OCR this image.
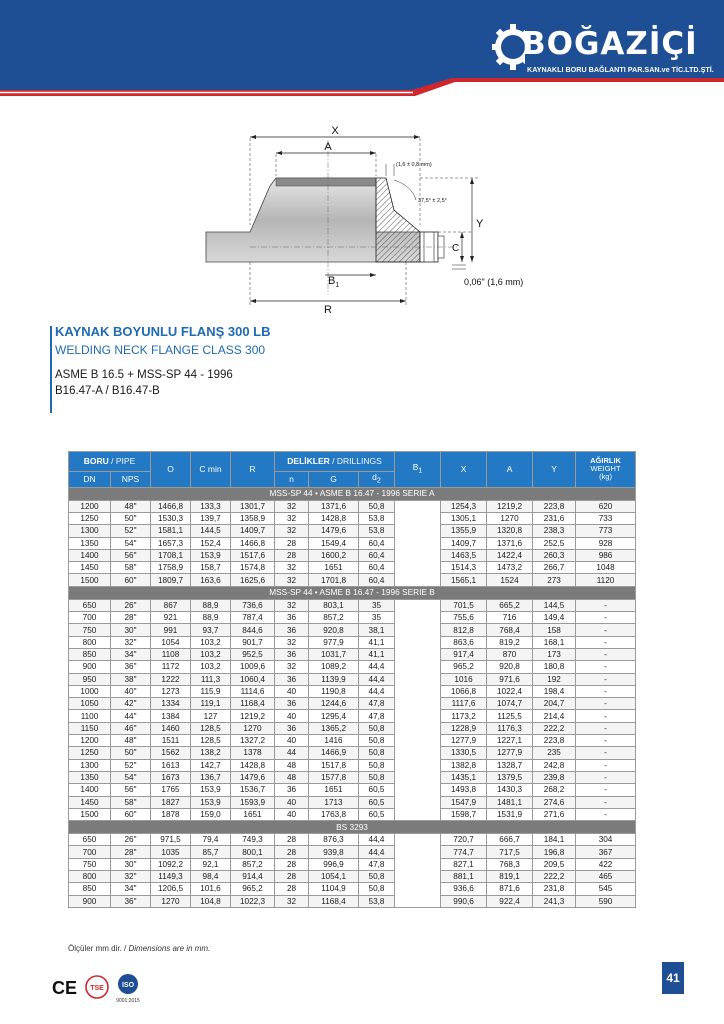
BOĞAZİÇİ
KAYNAKLI BORU BAĞLANTI PAR.SAN.ve TİC.LTD.ŞTİ.
X
A
(1,6 ± 0,8 mm)
37,5° ± 2,5°
Y
C
$B_1$
R
0,06" (1,6 mm)
KAYNAK BOYUNLU FLANŞ 300 LB
WELDING NECK FLANGE CLASS 300
ASME B 16.5 + MSS-SP 44 - 1996
B16.47-A / B16.47-B
BORU / PIPE		O	C min	R	DELİKLER / DRILLINGS			$B_1$	X	A	Y	AĞIRLIK
WEIGHT
(kg)
DN	NPS				n	G	$d_2$
MSS-SP 44 • ASME B 16.47 - 1996 SERIE A												
1200	48"	1466,8	133,3	1301,7	32	1371,6	50,8		1254,3	1219,2	223,8	620
1250	50"	1530,3	139,7	1358,9	32	1428,8	53,8		1305,1	1270	231,6	733
1300	52"	1581,1	144,5	1409,7	32	1479,6	53,8		1355,9	1320,8	238,3	773
1350	54"	1657,3	152,4	1466,8	28	1549,4	60,4		1409,7	1371,6	252,5	928
1400	56"	1708,1	153,9	1517,6	28	1600,2	60,4		1463,5	1422,4	260,3	986
1450	58"	1758,9	158,7	1574,8	32	1651	60,4		1514,3	1473,2	266,7	1048
1500	60"	1809,7	163,6	1625,6	32	1701,8	60,4		1565,1	1524	273	1120
MSS-SP 44 • ASME B 16.47 - 1996 SERIE B												
650	26"	867	88,9	736,6	32	803,1	35		701,5	665,2	144,5	-
700	28"	921	88,9	787,4	36	857,2	35		755,6	716	149,4	-
750	30"	991	93,7	844,6	36	920,8	38,1		812,8	768,4	158	-
800	32"	1054	103,2	901,7	32	977,9	41,1		863,6	819,2	168,1	-
850	34"	1108	103,2	952,5	36	1031,7	41,1		917,4	870	173	-
900	36"	1172	103,2	1009,6	32	1089,2	44,4		965,2	920,8	180,8	-
950	38"	1222	111,3	1060,4	36	1139,9	44,4		1016	971,6	192	-
1000	40"	1273	115,9	1114,6	40	1190,8	44,4		1066,8	1022,4	198,4	-
1050	42"	1334	119,1	1168,4	36	1244,6	47,8		1117,6	1074,7	204,7	-
1100	44"	1384	127	1219,2	40	1295,4	47,8		1173,2	1125,5	214,4	-
1150	46"	1460	128,5	1270	36	1365,2	50,8		1228,9	1176,3	222,2	-
1200	48"	1511	128,5	1327,2	40	1416	50,8		1277,9	1227,1	223,8	-
1250	50"	1562	138,2	1378	44	1466,9	50,8		1330,5	1277,9	235	-
1300	52"	1613	142,7	1428,8	48	1517,8	50,8		1382,8	1328,7	242,8	-
1350	54"	1673	136,7	1479,6	48	1577,8	50,8		1435,1	1379,5	239,8	-
1400	56"	1765	153,9	1536,7	36	1651	60,5		1493,8	1430,3	268,2	-
1450	58"	1827	153,9	1593,9	40	1713	60,5		1547,9	1481,1	274,6	-
1500	60"	1878	159,0	1651	40	1763,8	60,5		1598,7	1531,9	271,6	-
BS 3293												
650	26"	971,5	79,4	749,3	28	876,3	44,4		720,7	666,7	184,1	304
700	28"	1035	85,7	800,1	28	939,8	44,4		774,7	717,5	196,8	367
750	30"	1092,2	92,1	857,2	28	996,9	47,8		827,1	768,3	209,5	422
800	32"	1149,3	98,4	914,4	28	1054,1	50,8		881,1	819,1	222,2	465
850	34"	1206,5	101,6	965,2	28	1104,9	50,8		936,6	871,6	231,8	545
900	36"	1270	104,8	1022,3	32	1168,4	53,8		990,6	922,4	241,3	590
Ölçüler mm dir. / Dimensions are in mm.
CE TSE	ISO
9001:2015
41
